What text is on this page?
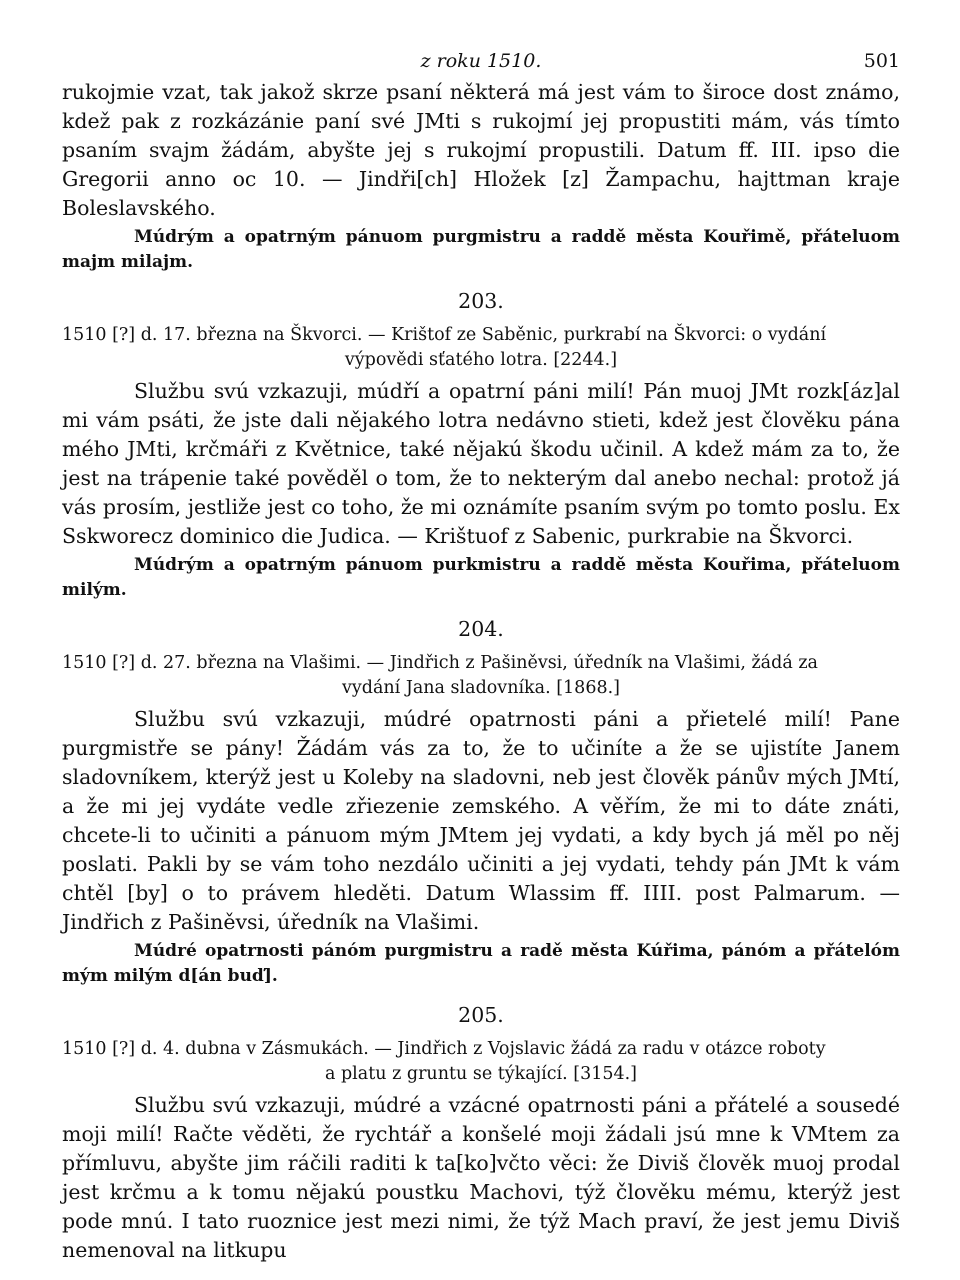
z roku 1510.	501

rukojmie vzat, tak jakož skrze psaní některá má jest vám to široce dost známo, kdež pak z rozkázánie paní své JMti s rukojmí jej propustiti mám, vás tímto psaním svajm žádám, abyšte jej s rukojmí propustili. Datum ff. III. ipso die Gregorii anno oc 10. — Jindři[ch] Hložek [z] Žampachu, hajttman kraje Boleslavského.

Múdrým a opatrným pánuom purgmistru a raddě města Kouřimě, přáteluom majm milajm.

203.

1510 [?] d. 17. března na Škvorci. — Krištof ze Saběnic, purkrabí na Škvorci: o vydání
výpovědi sťatého lotra. [2244.]

Službu svú vzkazuji, múdří a opatrní páni milí! Pán muoj JMt rozk[áz]al mi vám psáti, že jste dali nějakého lotra nedávno stieti, kdež jest člověku pána mého JMti, krčmáři z Květnice, také nějakú škodu učinil. A kdež mám za to, že jest na trápenie také pověděl o tom, že to nekterým dal anebo nechal: protož já vás prosím, jestliže jest co toho, že mi oznámíte psaním svým po tomto poslu. Ex Sskworecz dominico die Judica. — Krištuof z Sabenic, purkrabie na Škvorci.

Múdrým a opatrným pánuom purkmistru a raddě města Kouřima, přáteluom milým.

204.

1510 [?] d. 27. března na Vlašimi. — Jindřich z Pašiněvsi, úředník na Vlašimi, žádá za
vydání Jana sladovníka. [1868.]

Službu svú vzkazuji, múdré opatrnosti páni a přietelé milí! Pane purgmistře se pány! Žádám vás za to, že to učiníte a že se ujistíte Janem sladovníkem, kterýž jest u Koleby na sladovni, neb jest člověk pánův mých JMtí, a že mi jej vydáte vedle zřiezenie zemského. A věřím, že mi to dáte znáti, chcete-li to učiniti a pánuom mým JMtem jej vydati, a kdy bych já měl po něj poslati. Pakli by se vám toho nezdálo učiniti a jej vydati, tehdy pán JMt k vám chtěl [by] o to právem hleděti. Datum Wlassim ff. IIII. post Palmarum. — Jindřich z Pašiněvsi, úředník na Vlašimi.

Múdré opatrnosti pánóm purgmistru a radě města Kúřima, pánóm a přátelóm mým milým d[án buď].

205.

1510 [?] d. 4. dubna v Zásmukách. — Jindřich z Vojslavic žádá za radu v otázce roboty
a platu z gruntu se týkající. [3154.]

Službu svú vzkazuji, múdré a vzácné opatrnosti páni a přátelé a sousedé moji milí! Račte věděti, že rychtář a konšelé moji žádali jsú mne k VMtem za přímluvu, abyšte jim ráčili raditi k ta[ko]včto věci: že Diviš člověk muoj prodal jest krčmu a k tomu nějakú poustku Machovi, týž člověku mému, kterýž jest pode mnú. I tato ruoznice jest mezi nimi, že týž Mach praví, že jest jemu Diviš nemenoval na litkupu
